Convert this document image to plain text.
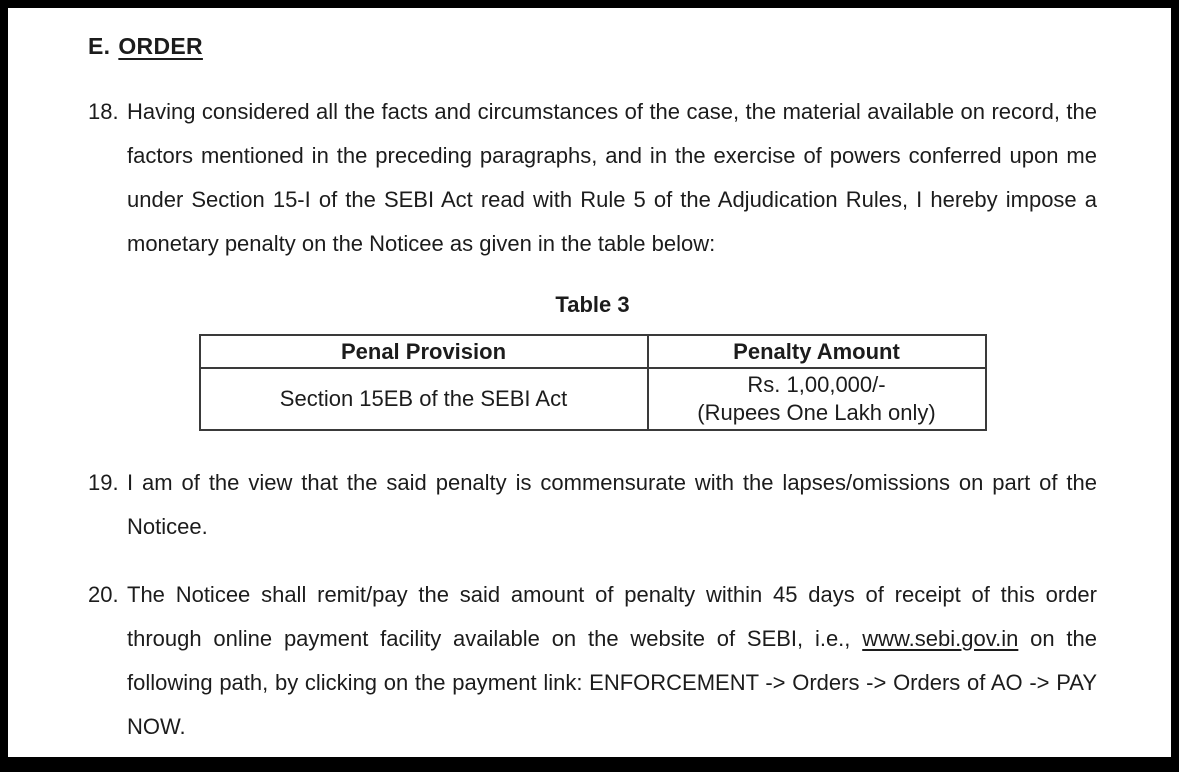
E. ORDER
18. Having considered all the facts and circumstances of the case, the material available on record, the factors mentioned in the preceding paragraphs, and in the exercise of powers conferred upon me under Section 15-I of the SEBI Act read with Rule 5 of the Adjudication Rules, I hereby impose a monetary penalty on the Noticee as given in the table below:
Table 3
Penal Provision	Penalty Amount
Section 15EB of the SEBI Act	Rs. 1,00,000/-
(Rupees One Lakh only)
19. I am of the view that the said penalty is commensurate with the lapses/omissions on part of the Noticee.
20. The Noticee shall remit/pay the said amount of penalty within 45 days of receipt of this order through online payment facility available on the website of SEBI, i.e., www.sebi.gov.in on the following path, by clicking on the payment link: ENFORCEMENT -> Orders -> Orders of AO -> PAY NOW.
